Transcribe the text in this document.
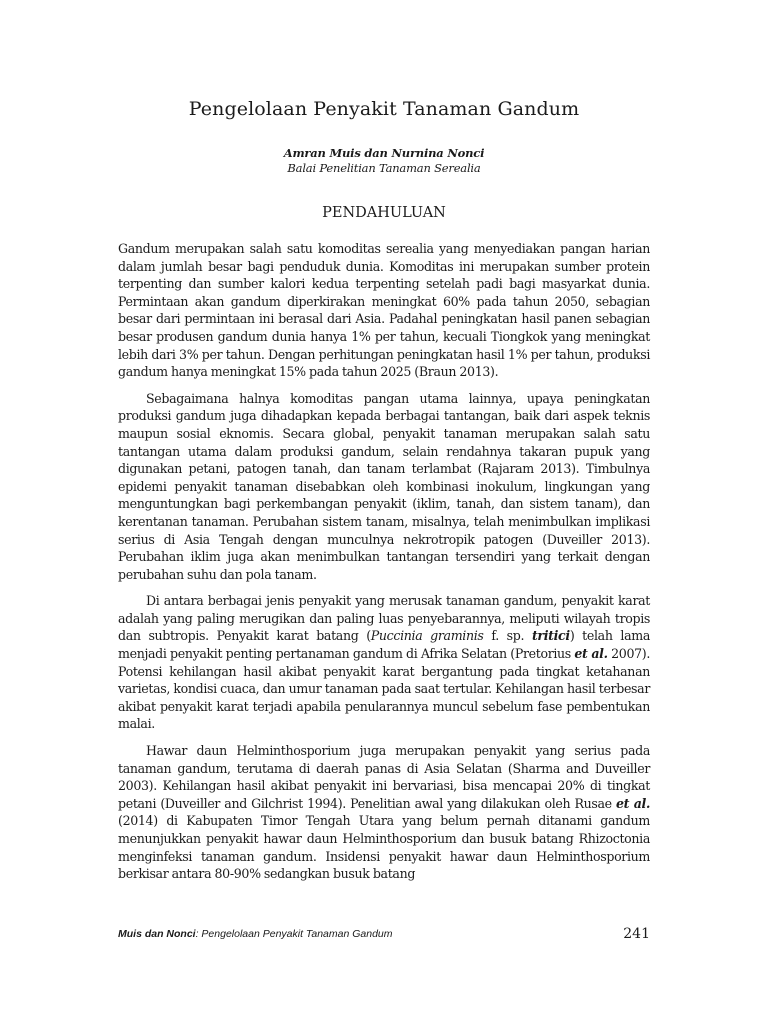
Pengelolaan Penyakit Tanaman Gandum
Amran Muis dan Nurnina Nonci
Balai Penelitian Tanaman Serealia
PENDAHULUAN

Gandum merupakan salah satu komoditas serealia yang menyediakan pangan harian dalam jumlah besar bagi penduduk dunia. Komoditas ini merupakan sumber protein terpenting dan sumber kalori kedua terpenting setelah padi bagi masyarkat dunia. Permintaan akan gandum diperkirakan meningkat 60% pada tahun 2050, sebagian besar dari permintaan ini berasal dari Asia. Padahal peningkatan hasil panen sebagian besar produsen gandum dunia hanya 1% per tahun, kecuali Tiongkok yang meningkat lebih dari 3% per tahun. Dengan perhitungan peningkatan hasil 1% per tahun, produksi gandum hanya meningkat 15% pada tahun 2025 (Braun 2013).

Sebagaimana halnya komoditas pangan utama lainnya, upaya peningkatan produksi gandum juga dihadapkan kepada berbagai tantangan, baik dari aspek teknis maupun sosial eknomis. Secara global, penyakit tanaman merupakan salah satu tantangan utama dalam produksi gandum, selain rendahnya takaran pupuk yang digunakan petani, patogen tanah, dan tanam terlambat (Rajaram 2013). Timbulnya epidemi penyakit tanaman disebabkan oleh kombinasi inokulum, lingkungan yang menguntungkan bagi perkembangan penyakit (iklim, tanah, dan sistem tanam), dan kerentanan tanaman. Perubahan sistem tanam, misalnya, telah menimbulkan implikasi serius di Asia Tengah dengan munculnya nekrotropik patogen (Duveiller 2013). Perubahan iklim juga akan menimbulkan tantangan tersendiri yang terkait dengan perubahan suhu dan pola tanam.

Di antara berbagai jenis penyakit yang merusak tanaman gandum, penyakit karat adalah yang paling merugikan dan paling luas penyebarannya, meliputi wilayah tropis dan subtropis. Penyakit karat batang (Puccinia graminis f. sp. tritici) telah lama menjadi penyakit penting pertanaman gandum di Afrika Selatan (Pretorius et al. 2007). Potensi kehilangan hasil akibat penyakit karat bergantung pada tingkat ketahanan varietas, kondisi cuaca, dan umur tanaman pada saat tertular. Kehilangan hasil terbesar akibat penyakit karat terjadi apabila penularannya muncul sebelum fase pembentukan malai.

Hawar daun Helminthosporium juga merupakan penyakit yang serius pada tanaman gandum, terutama di daerah panas di Asia Selatan (Sharma and Duveiller 2003). Kehilangan hasil akibat penyakit ini bervariasi, bisa mencapai 20% di tingkat petani (Duveiller and Gilchrist 1994). Penelitian awal yang dilakukan oleh Rusae et al. (2014) di Kabupaten Timor Tengah Utara yang belum pernah ditanami gandum menunjukkan penyakit hawar daun Helminthosporium dan busuk batang Rhizoctonia menginfeksi tanaman gandum. Insidensi penyakit hawar daun Helminthosporium berkisar antara 80-90% sedangkan busuk batang

Muis dan Nonci: Pengelolaan Penyakit Tanaman Gandum	241
